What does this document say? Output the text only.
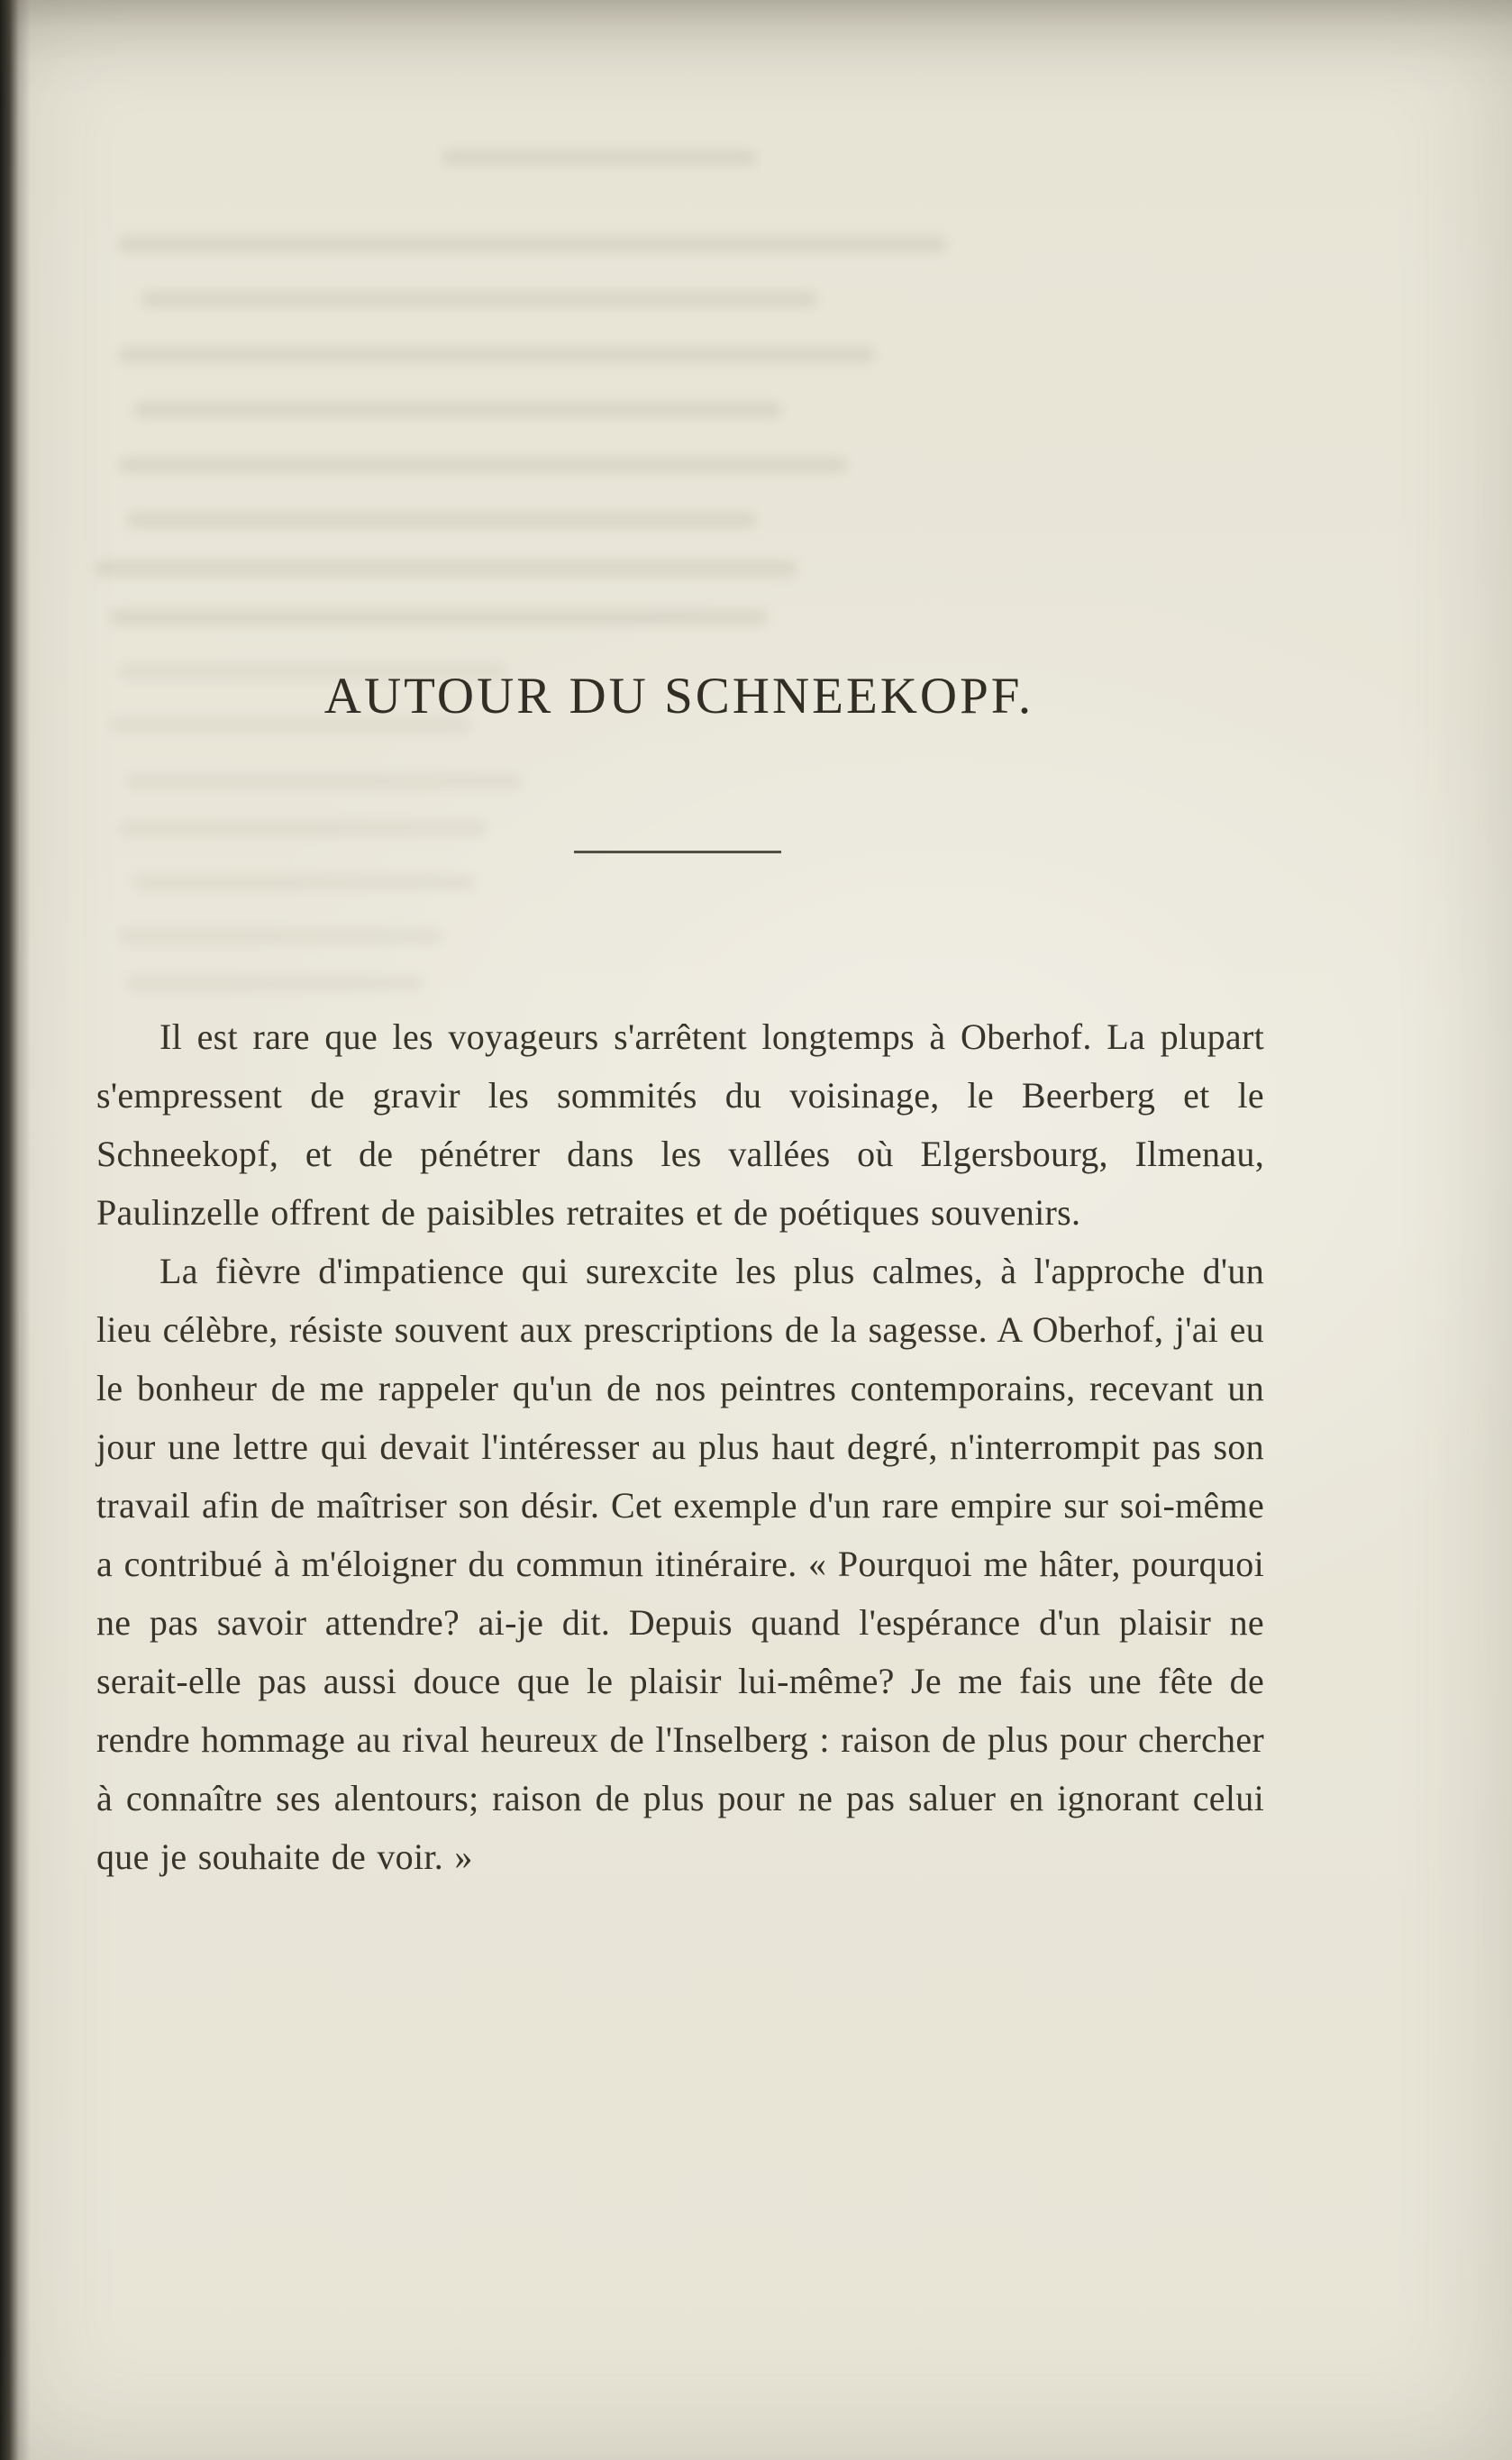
AUTOUR DU SCHNEEKOPF.

Il est rare que les voyageurs s'arrêtent longtemps à Oberhof. La plupart s'empressent de gravir les sommités du voisinage, le Beerberg et le Schneekopf, et de pénétrer dans les vallées où Elgersbourg, Ilmenau, Paulinzelle offrent de paisibles retraites et de poétiques souvenirs.

La fièvre d'impatience qui surexcite les plus calmes, à l'approche d'un lieu célèbre, résiste souvent aux prescriptions de la sagesse. A Oberhof, j'ai eu le bonheur de me rappeler qu'un de nos peintres contemporains, recevant un jour une lettre qui devait l'intéresser au plus haut degré, n'interrompit pas son travail afin de maîtriser son désir. Cet exemple d'un rare empire sur soi-même a contribué à m'éloigner du commun itinéraire. « Pourquoi me hâter, pourquoi ne pas savoir attendre? ai-je dit. Depuis quand l'espérance d'un plaisir ne serait-elle pas aussi douce que le plaisir lui-même? Je me fais une fête de rendre hommage au rival heureux de l'Inselberg : raison de plus pour chercher à connaître ses alentours; raison de plus pour ne pas saluer en ignorant celui que je souhaite de voir. »
